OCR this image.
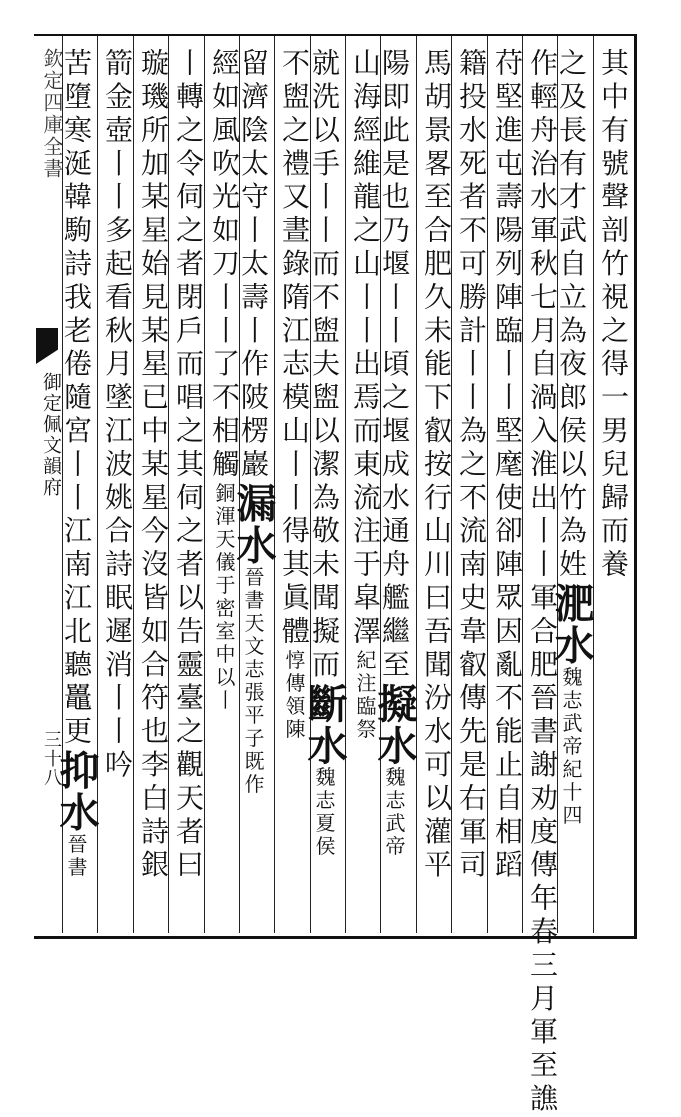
欽定四庫全書
御定佩文韻府
三十八
其中有號聲剖竹視之得一男兒歸而養
之及長有才武自立為夜郎侯以竹為姓淝水魏志武帝紀十四
作輕舟治水軍秋七月自渦入淮出丨丨軍合肥晉書謝劝度傳年春三月軍至譙
苻堅進屯壽陽列陣臨丨丨堅麾使卻陣眾因亂不能止自相蹈
籍投水死者不可勝計丨丨為之不流南史韋叡傳先是右軍司
馬胡景畧至合肥久未能下叡按行山川曰吾聞汾水可以灌平
陽即此是也乃堰丨丨頃之堰成水通舟艦繼至擬水魏志武帝
山海經維龍之山丨丨出焉而東流注于皐澤紀注臨祭
就洗以手丨丨而不盥夫盥以潔為敬未聞擬而斷水魏志夏侯
不盥之禮又晝錄隋江志模山丨丨得其眞體惇傳領陳
留濟陰太守丨太壽丨作陂楞巖漏水晉書天文志張平子既作
經如風吹光如刀丨丨了不相觸銅渾天儀于密室中以丨
丨轉之令伺之者閉戶而唱之其伺之者以告靈臺之觀天者曰
璇璣所加某星始見某星已中某星今沒皆如合符也李白詩銀
箭金壺丨丨多起看秋月墜江波姚合詩眠遲消丨丨吟
苦墮寒涎韓駒詩我老倦隨宮丨丨江南江北聽鼉更抑水晉書
